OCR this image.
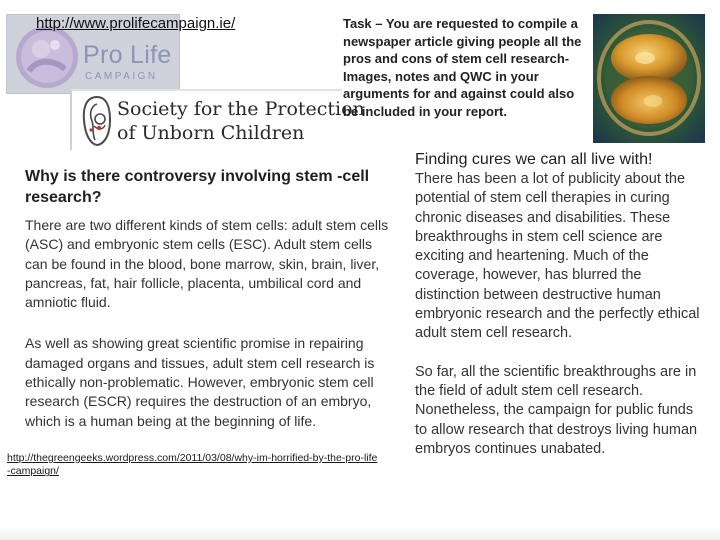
Pro Life
CAMPAIGN
http://www.prolifecampaign.ie/
Society for the Protection
of Unborn Children
Task – You are requested to compile a newspaper article giving people all the pros and cons of stem cell research- Images, notes and QWC in your arguments for and against could also be included in your report.
Why is there controversy involving stem -cell research?
There are two different kinds of stem cells: adult stem cells (ASC) and embryonic stem cells (ESC). Adult stem cells can be found in the blood, bone marrow, skin, brain, liver, pancreas, fat, hair follicle, placenta, umbilical cord and amniotic fluid.
As well as showing great scientific promise in repairing damaged organs and tissues, adult stem cell research is ethically non-problematic. However, embryonic stem cell research (ESCR) requires the destruction of an embryo, which is a human being at the beginning of life.
http://thegreengeeks.wordpress.com/2011/03/08/why-im-horrified-by-the-pro-life-campaign/
Finding cures we can all live with!
There has been a lot of publicity about the potential of stem cell therapies in curing chronic diseases and disabilities. These breakthroughs in stem cell science are exciting and heartening. Much of the coverage, however, has blurred the distinction between destructive human embryonic research and the perfectly ethical adult stem cell research.
So far, all the scientific breakthroughs are in the field of adult stem cell research. Nonetheless, the campaign for public funds to allow research that destroys living human embryos continues unabated.
